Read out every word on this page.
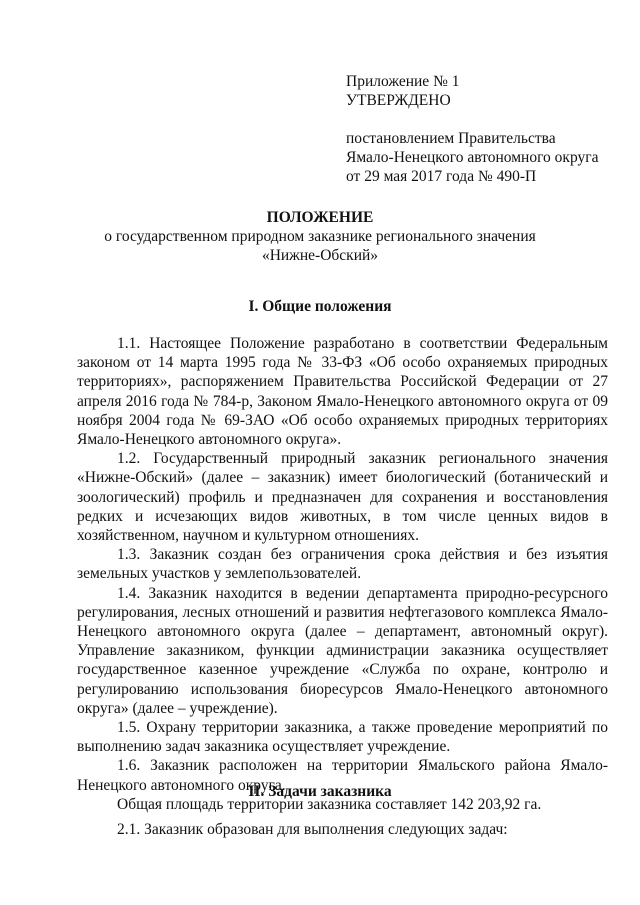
Приложение № 1
УТВЕРЖДЕНО
постановлением Правительства
Ямало-Ненецкого автономного округа
от 29 мая 2017 года № 490-П
ПОЛОЖЕНИЕ
о государственном природном заказнике регионального значения
«Нижне-Обский»
I. Общие положения

1.1. Настоящее Положение разработано в соответствии Федеральным законом от 14 марта 1995 года № 33-ФЗ «Об особо охраняемых природных территориях», распоряжением Правительства Российской Федерации от 27 апреля 2016 года № 784-р, Законом Ямало-Ненецкого автономного округа от 09 ноября 2004 года № 69-ЗАО «Об особо охраняемых природных территориях Ямало-Ненецкого автономного округа».

1.2. Государственный природный заказник регионального значения «Нижне-Обский» (далее – заказник) имеет биологический (ботанический и зоологический) профиль и предназначен для сохранения и восстановления редких и исчезающих видов животных, в том числе ценных видов в хозяйственном, научном и культурном отношениях.

1.3. Заказник создан без ограничения срока действия и без изъятия земельных участков у землепользователей.

1.4. Заказник находится в ведении департамента природно-ресурсного регулирования, лесных отношений и развития нефтегазового комплекса Ямало-Ненецкого автономного округа (далее – департамент, автономный округ). Управление заказником, функции администрации заказника осуществляет государственное казенное учреждение «Служба по охране, контролю и регулированию использования биоресурсов Ямало-Ненецкого автономного округа» (далее – учреждение).

1.5. Охрану территории заказника, а также проведение мероприятий по выполнению задач заказника осуществляет учреждение.

1.6. Заказник расположен на территории Ямальского района Ямало-Ненецкого автономного округа.

Общая площадь территории заказника составляет 142 203,92 га.

II. Задачи заказника

2.1. Заказник образован для выполнения следующих задач:
